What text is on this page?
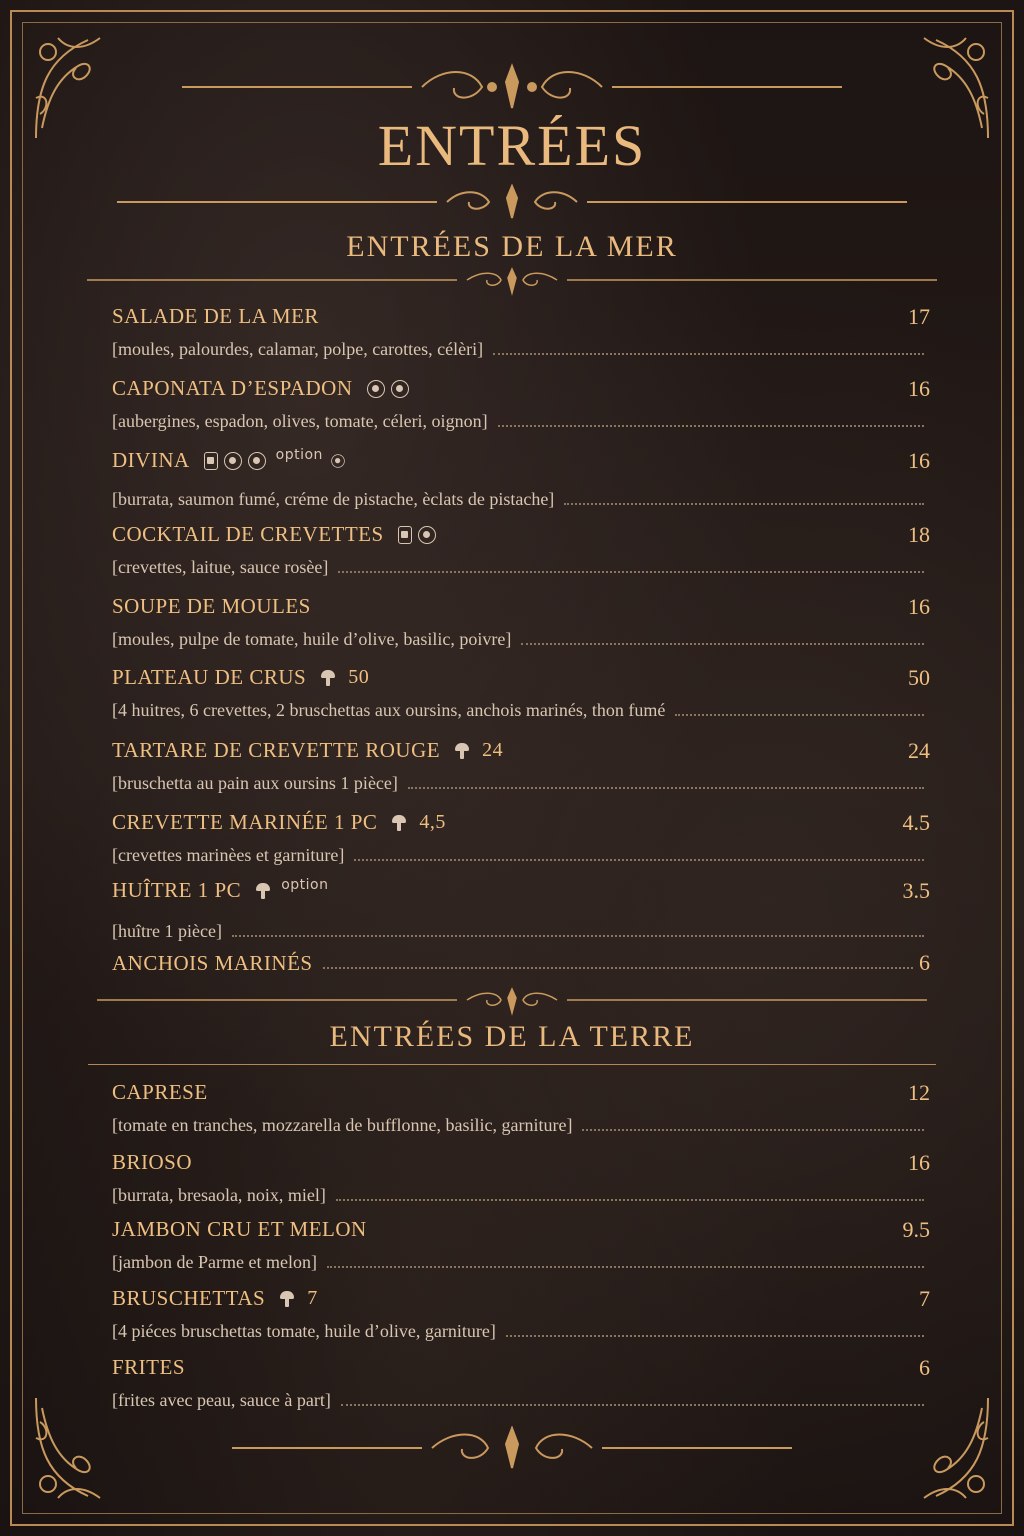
ENTRÉES
ENTRÉES DE LA MER
SALADE DE LA MER	17
[moules, palourdes, calamar, polpe, carottes, célèri]
CAPONATA D’ESPADON	16
[aubergines, espadon, olives, tomate, céleri, oignon]
DIVINA	option	16
[burrata, saumon fumé, créme de pistache, èclats de pistache]
COCKTAIL DE CREVETTES	18
[crevettes, laitue, sauce rosèe]
SOUPE DE MOULES	16
[moules, pulpe de tomate, huile d’olive, basilic, poivre]
PLATEAU DE CRUS 50	50
[4 huitres, 6 crevettes, 2 bruschettas aux oursins, anchois marinés, thon fumé
TARTARE DE CREVETTE ROUGE 24	24
[bruschetta au pain aux oursins 1 pièce]
CREVETTE MARINÉE 1 PC 4,5	4.5
[crevettes marinèes et garniture]
HUÎTRE 1 PC	option	3.5
[huître 1 pièce]
ANCHOIS MARINÉS	6
ENTRÉES DE LA TERRE
CAPRESE	12
[tomate en tranches, mozzarella de bufflonne, basilic, garniture]
BRIOSO	16
[burrata, bresaola, noix, miel]
JAMBON CRU ET MELON	9.5
[jambon de Parme et melon]
BRUSCHETTAS 7	7
[4 piéces bruschettas tomate, huile d’olive, garniture]
FRITES	6
[frites avec peau, sauce à part]
